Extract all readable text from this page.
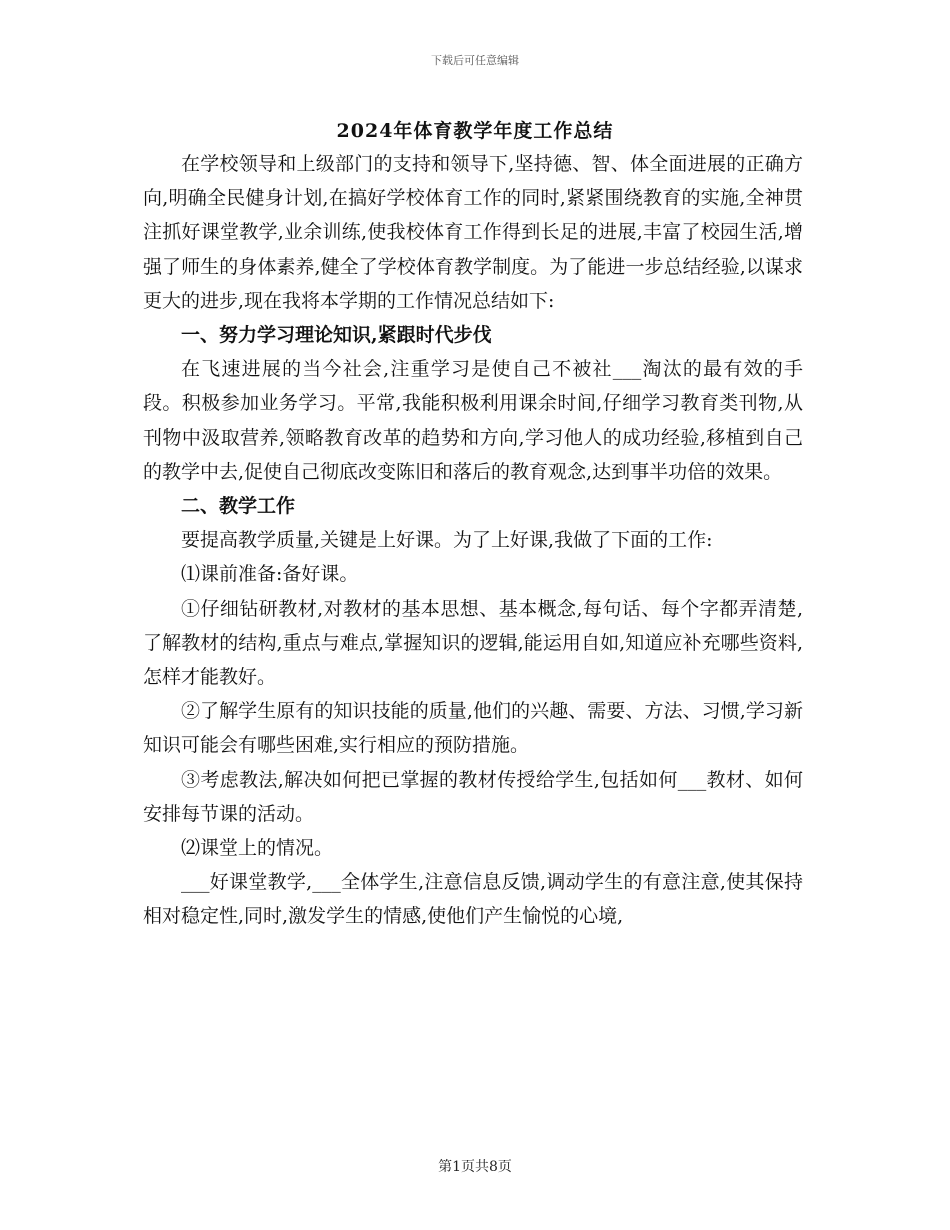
下载后可任意编辑
2024年体育教学年度工作总结

在学校领导和上级部门的支持和领导下,坚持德、智、体全面进展的正确方向,明确全民健身计划,在搞好学校体育工作的同时,紧紧围绕教育的实施,全神贯注抓好课堂教学,业余训练,使我校体育工作得到长足的进展,丰富了校园生活,增强了师生的身体素养,健全了学校体育教学制度。为了能进一步总结经验,以谋求更大的进步,现在我将本学期的工作情况总结如下:

一、努力学习理论知识,紧跟时代步伐

在飞速进展的当今社会,注重学习是使自己不被社___淘汰的最有效的手段。积极参加业务学习。平常,我能积极利用课余时间,仔细学习教育类刊物,从刊物中汲取营养,领略教育改革的趋势和方向,学习他人的成功经验,移植到自己的教学中去,促使自己彻底改变陈旧和落后的教育观念,达到事半功倍的效果。

二、教学工作

要提高教学质量,关键是上好课。为了上好课,我做了下面的工作:

⑴课前准备:备好课。

①仔细钻研教材,对教材的基本思想、基本概念,每句话、每个字都弄清楚,了解教材的结构,重点与难点,掌握知识的逻辑,能运用自如,知道应补充哪些资料,怎样才能教好。

②了解学生原有的知识技能的质量,他们的兴趣、需要、方法、习惯,学习新知识可能会有哪些困难,实行相应的预防措施。

③考虑教法,解决如何把已掌握的教材传授给学生,包括如何___教材、如何安排每节课的活动。

⑵课堂上的情况。

___好课堂教学,___全体学生,注意信息反馈,调动学生的有意注意,使其保持相对稳定性,同时,激发学生的情感,使他们产生愉悦的心境,

第1页共8页
